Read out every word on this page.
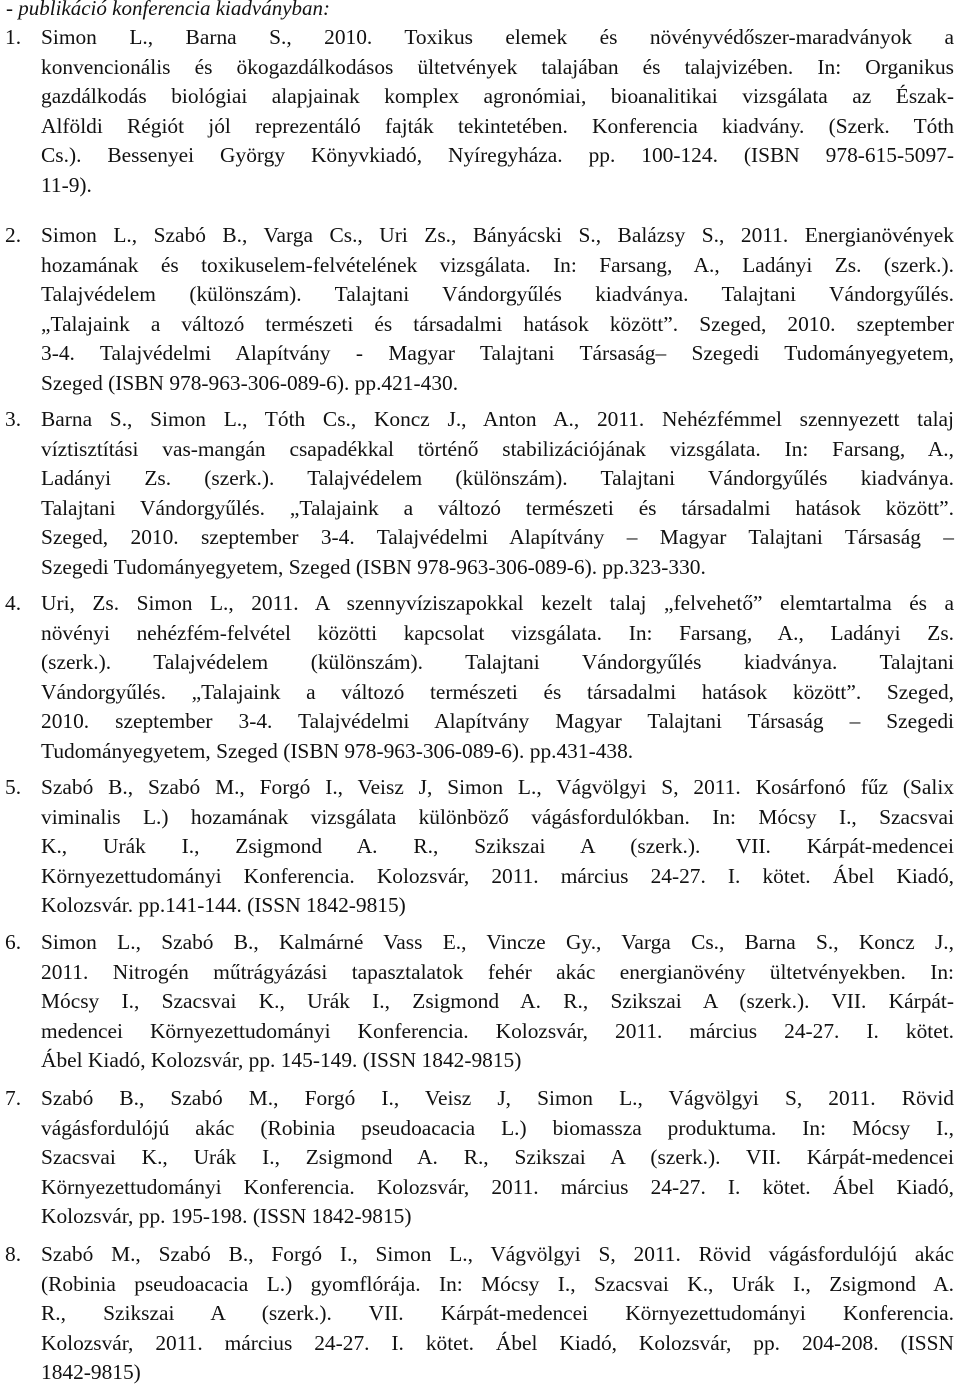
- publikáció konferencia kiadványban:
1. Simon L., Barna S., 2010. Toxikus elemek és növényvédőszer-maradványok a
konvencionális és ökogazdálkodásos ültetvények talajában és talajvizében. In: Organikus
gazdálkodás biológiai alapjainak komplex agronómiai, bioanalitikai vizsgálata az Észak-
Alföldi Régiót jól reprezentáló fajták tekintetében. Konferencia kiadvány. (Szerk. Tóth
Cs.). Bessenyei György Könyvkiadó, Nyíregyháza. pp. 100-124. (ISBN 978-615-5097-
11-9).
2. Simon L., Szabó B., Varga Cs., Uri Zs., Bányácski S., Balázsy S., 2011. Energianövények
hozamának és toxikuselem-felvételének vizsgálata. In: Farsang, A., Ladányi Zs. (szerk.).
Talajvédelem (különszám). Talajtani Vándorgyűlés kiadványa. Talajtani Vándorgyűlés.
„Talajaink a változó természeti és társadalmi hatások között”. Szeged, 2010. szeptember
3-4. Talajvédelmi Alapítvány - Magyar Talajtani Társaság– Szegedi Tudományegyetem,
Szeged (ISBN 978-963-306-089-6). pp.421-430.
3. Barna S., Simon L., Tóth Cs., Koncz J., Anton A., 2011. Nehézfémmel szennyezett talaj
víztisztítási vas-mangán csapadékkal történő stabilizációjának vizsgálata. In: Farsang, A.,
Ladányi Zs. (szerk.). Talajvédelem (különszám). Talajtani Vándorgyűlés kiadványa.
Talajtani Vándorgyűlés. „Talajaink a változó természeti és társadalmi hatások között”.
Szeged, 2010. szeptember 3-4. Talajvédelmi Alapítvány – Magyar Talajtani Társaság –
Szegedi Tudományegyetem, Szeged (ISBN 978-963-306-089-6). pp.323-330.
4. Uri, Zs. Simon L., 2011. A szennyvíziszapokkal kezelt talaj „felvehető” elemtartalma és a
növényi nehézfém-felvétel közötti kapcsolat vizsgálata. In: Farsang, A., Ladányi Zs.
(szerk.). Talajvédelem (különszám). Talajtani Vándorgyűlés kiadványa. Talajtani
Vándorgyűlés. „Talajaink a változó természeti és társadalmi hatások között”. Szeged,
2010. szeptember 3-4. Talajvédelmi Alapítvány Magyar Talajtani Társaság – Szegedi
Tudományegyetem, Szeged (ISBN 978-963-306-089-6). pp.431-438.
5. Szabó B., Szabó M., Forgó I., Veisz J, Simon L., Vágvölgyi S, 2011. Kosárfonó fűz (Salix
viminalis L.) hozamának vizsgálata különböző vágásfordulókban. In: Mócsy I., Szacsvai
K., Urák I., Zsigmond A. R., Szikszai A (szerk.). VII. Kárpát-medencei
Környezettudományi Konferencia. Kolozsvár, 2011. március 24-27. I. kötet. Ábel Kiadó,
Kolozsvár. pp.141-144. (ISSN 1842-9815)
6. Simon L., Szabó B., Kalmárné Vass E., Vincze Gy., Varga Cs., Barna S., Koncz J.,
2011. Nitrogén műtrágyázási tapasztalatok fehér akác energianövény ültetvényekben. In:
Mócsy I., Szacsvai K., Urák I., Zsigmond A. R., Szikszai A (szerk.). VII. Kárpát-
medencei Környezettudományi Konferencia. Kolozsvár, 2011. március 24-27. I. kötet.
Ábel Kiadó, Kolozsvár, pp. 145-149. (ISSN 1842-9815)
7. Szabó B., Szabó M., Forgó I., Veisz J, Simon L., Vágvölgyi S, 2011. Rövid
vágásfordulójú akác (Robinia pseudoacacia L.) biomassza produktuma. In: Mócsy I.,
Szacsvai K., Urák I., Zsigmond A. R., Szikszai A (szerk.). VII. Kárpát-medencei
Környezettudományi Konferencia. Kolozsvár, 2011. március 24-27. I. kötet. Ábel Kiadó,
Kolozsvár, pp. 195-198. (ISSN 1842-9815)
8. Szabó M., Szabó B., Forgó I., Simon L., Vágvölgyi S, 2011. Rövid vágásfordulójú akác
(Robinia pseudoacacia L.) gyomflórája. In: Mócsy I., Szacsvai K., Urák I., Zsigmond A.
R., Szikszai A (szerk.). VII. Kárpát-medencei Környezettudományi Konferencia.
Kolozsvár, 2011. március 24-27. I. kötet. Ábel Kiadó, Kolozsvár, pp. 204-208. (ISSN
1842-9815)
